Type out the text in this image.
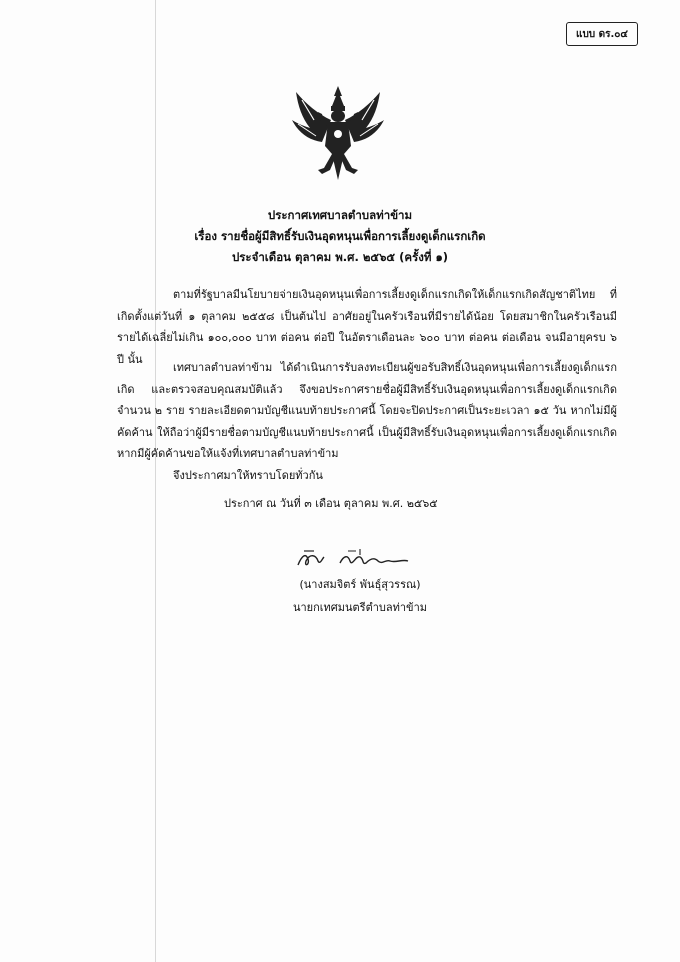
แบบ ดร.๐๔
ประกาศเทศบาลตำบลท่าข้าม
เรื่อง รายชื่อผู้มีสิทธิ์รับเงินอุดหนุนเพื่อการเลี้ยงดูเด็กแรกเกิด
ประจำเดือน ตุลาคม พ.ศ. ๒๕๖๕ (ครั้งที่ ๑)
ตามที่รัฐบาลมีนโยบายจ่ายเงินอุดหนุนเพื่อการเลี้ยงดูเด็กแรกเกิดให้เด็กแรกเกิดสัญชาติไทย ที่เกิดตั้งแต่วันที่ ๑ ตุลาคม ๒๕๕๘ เป็นต้นไป อาศัยอยู่ในครัวเรือนที่มีรายได้น้อย โดยสมาชิกในครัวเรือนมีรายได้เฉลี่ยไม่เกิน ๑๐๐,๐๐๐ บาท ต่อคน ต่อปี ในอัตราเดือนละ ๖๐๐ บาท ต่อคน ต่อเดือน จนมีอายุครบ ๖ ปี นั้น
เทศบาลตำบลท่าข้าม ได้ดำเนินการรับลงทะเบียนผู้ขอรับสิทธิ์เงินอุดหนุนเพื่อการเลี้ยงดูเด็กแรกเกิด และตรวจสอบคุณสมบัติแล้ว จึงขอประกาศรายชื่อผู้มีสิทธิ์รับเงินอุดหนุนเพื่อการเลี้ยงดูเด็กแรกเกิด จำนวน ๒ ราย รายละเอียดตามบัญชีแนบท้ายประกาศนี้ โดยจะปิดประกาศเป็นระยะเวลา ๑๕ วัน หากไม่มีผู้คัดค้าน ให้ถือว่าผู้มีรายชื่อตามบัญชีแนบท้ายประกาศนี้ เป็นผู้มีสิทธิ์รับเงินอุดหนุนเพื่อการเลี้ยงดูเด็กแรกเกิด หากมีผู้คัดค้านขอให้แจ้งที่เทศบาลตำบลท่าข้าม
จึงประกาศมาให้ทราบโดยทั่วกัน
ประกาศ ณ วันที่ ๓ เดือน ตุลาคม พ.ศ. ๒๕๖๕
(นางสมจิตร์ พันธุ์สุวรรณ)
นายกเทศมนตรีตำบลท่าข้าม
